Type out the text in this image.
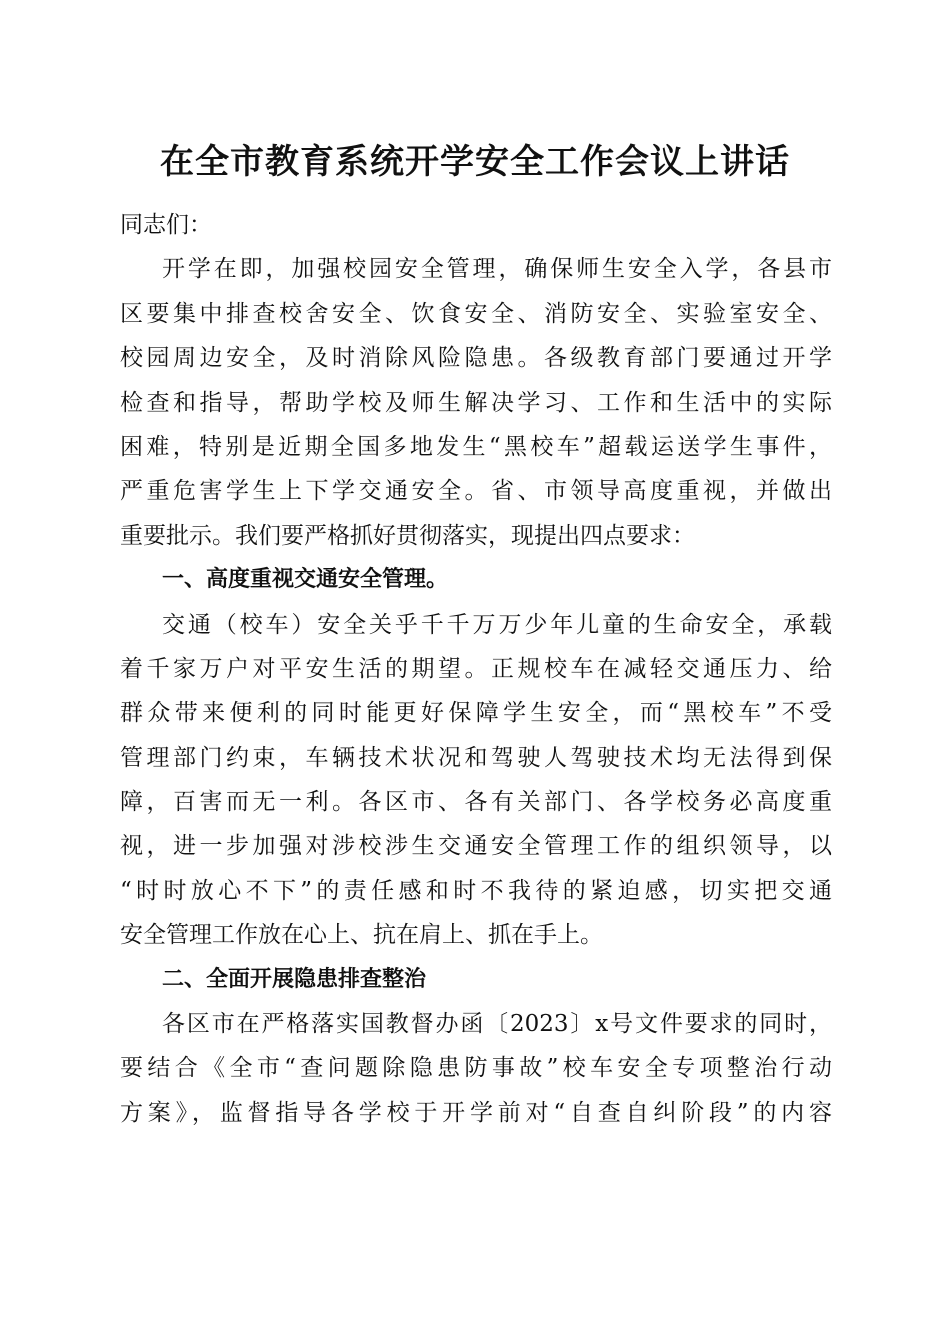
在全市教育系统开学安全工作会议上讲话
同志们：

开学在即，加强校园安全管理，确保师生安全入学，各县市
区要集中排查校舍安全、饮食安全、消防安全、实验室安全、
校园周边安全，及时消除风险隐患。各级教育部门要通过开学
检查和指导，帮助学校及师生解决学习、工作和生活中的实际
困难，特别是近期全国多地发生“黑校车”超载运送学生事件，
严重危害学生上下学交通安全。省、市领导高度重视，并做出
重要批示。我们要严格抓好贯彻落实，现提出四点要求：

一、高度重视交通安全管理。

交通（校车）安全关乎千千万万少年儿童的生命安全，承载
着千家万户对平安生活的期望。正规校车在减轻交通压力、给
群众带来便利的同时能更好保障学生安全，而“黑校车”不受
管理部门约束，车辆技术状况和驾驶人驾驶技术均无法得到保
障，百害而无一利。各区市、各有关部门、各学校务必高度重
视，进一步加强对涉校涉生交通安全管理工作的组织领导，以
“时时放心不下”的责任感和时不我待的紧迫感，切实把交通
安全管理工作放在心上、抗在肩上、抓在手上。

二、全面开展隐患排查整治

各区市在严格落实国教督办函〔2023〕x号文件要求的同时，
要结合《全市“查问题除隐患防事故”校车安全专项整治行动
方案》，监督指导各学校于开学前对“自查自纠阶段”的内容
